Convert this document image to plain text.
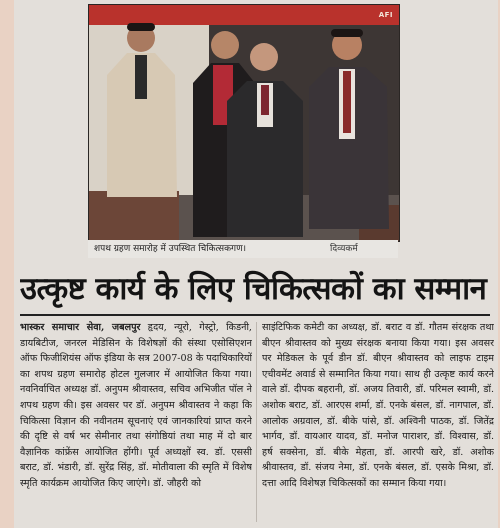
AFI
शपथ ग्रहण समारोह में उपस्थित चिकित्सकगण।	दिव्यकर्म
उत्कृष्ट कार्य के लिए चिकित्सकों का सम्मान

भास्कर समाचार सेवा, जबलपुर हृदय, न्यूरो, गेस्ट्रो, किडनी, डायबिटीज, जनरल मेडिसिन के विशेषज्ञों की संस्था एसोसिएशन ऑफ फिजीशियंस ऑफ इंडिया के सत्र 2007-08 के पदाधिकारियों का शपथ ग्रहण समारोह होटल गुलजार में आयोजित किया गया। नवनिर्वाचित अध्यक्ष डॉ. अनुपम श्रीवास्तव, सचिव अभिजीत पॉल ने शपथ ग्रहण की। इस अवसर पर डॉ. अनुपम श्रीवास्तव ने कहा कि चिकित्सा विज्ञान की नवीनतम सूचनाएं एवं जानकारियां प्राप्त करने की दृष्टि से वर्ष भर सेमीनार तथा संगोष्ठियां तथा माह में दो बार वैज्ञानिक कांफ्रेंस आयोजित होंगी। पूर्व अध्यक्षों स्व. डॉ. एससी बराट, डॉ. भंडारी, डॉ. सुरेंद्र सिंह, डॉ. मोतीवाला की स्मृति में विशेष स्मृति कार्यक्रम आयोजित किए जाएंगे। डॉ. जौहरी को

साइंटिफिक कमेटी का अध्यक्ष, डॉ. बराट व डॉ. गौतम संरक्षक तथा बीएन श्रीवास्तव को मुख्य संरक्षक बनाया किया गया। इस अवसर पर मेडिकल के पूर्व डीन डॉ. बीएन श्रीवास्तव को लाइफ टाइम एचीवमेंट अवार्ड से सम्मानित किया गया। साथ ही उत्कृष्ट कार्य करने वाले डॉ. दीपक बहरानी, डॉ. अजय तिवारी, डॉ. परिमल स्वामी, डॉ. अशोक बराट, डॉ. आरएस शर्मा, डॉ. एनके बंसल, डॉ. नागपाल, डॉ. आलोक अग्रवाल, डॉ. बीके पांसे, डॉ. अश्विनी पाठक, डॉ. जितेंद्र भार्गव, डॉ. वायआर यादव, डॉ. मनोज पाराशर, डॉ. विश्वास, डॉ. हर्ष सक्सेना, डॉ. बीके मेहता, डॉ. आरपी खरे, डॉ. अशोक श्रीवास्तव, डॉ. संजय नेमा, डॉ. एनके बंसल, डॉ. एसके मिश्रा, डॉ. दत्ता आदि विशेषज्ञ चिकित्सकों का सम्मान किया गया।
